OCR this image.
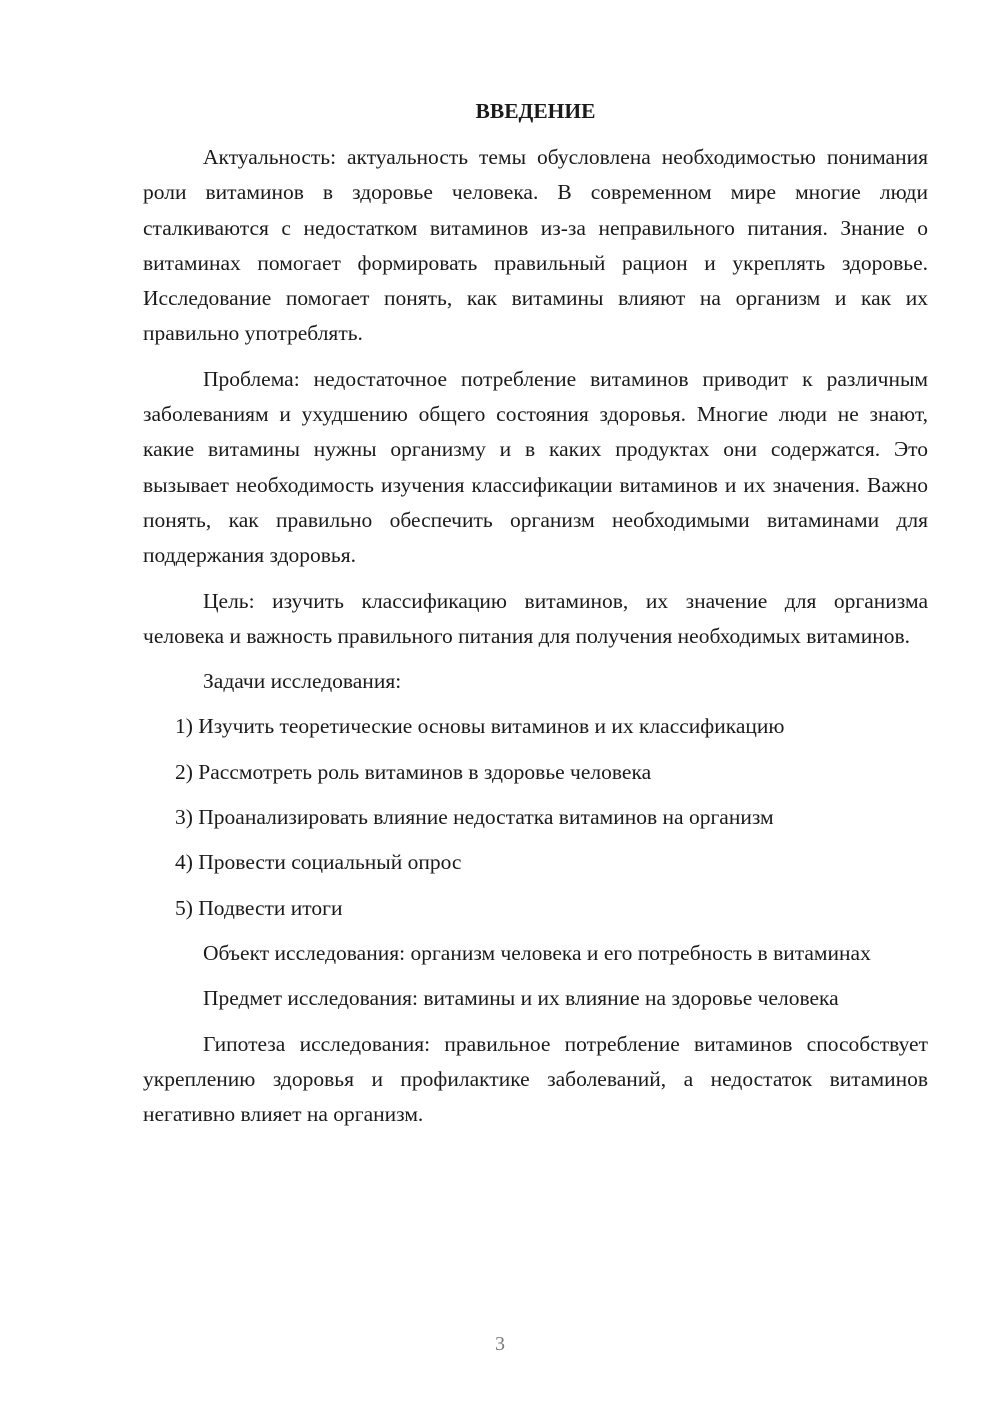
ВВЕДЕНИЕ

Актуальность: актуальность темы обусловлена необходимостью понимания роли витаминов в здоровье человека. В современном мире многие люди сталкиваются с недостатком витаминов из-за неправильного питания. Знание о витаминах помогает формировать правильный рацион и укреплять здоровье. Исследование помогает понять, как витамины влияют на организм и как их правильно употреблять.

Проблема: недостаточное потребление витаминов приводит к различным заболеваниям и ухудшению общего состояния здоровья. Многие люди не знают, какие витамины нужны организму и в каких продуктах они содержатся. Это вызывает необходимость изучения классификации витаминов и их значения. Важно понять, как правильно обеспечить организм необходимыми витаминами для поддержания здоровья.

Цель: изучить классификацию витаминов, их значение для организма человека и важность правильного питания для получения необходимых витаминов.

Задачи исследования:

1) Изучить теоретические основы витаминов и их классификацию
2) Рассмотреть роль витаминов в здоровье человека
3) Проанализировать влияние недостатка витаминов на организм
4) Провести социальный опрос
5) Подвести итоги

Объект исследования: организм человека и его потребность в витаминах

Предмет исследования: витамины и их влияние на здоровье человека

Гипотеза исследования: правильное потребление витаминов способствует укреплению здоровья и профилактике заболеваний, а недостаток витаминов негативно влияет на организм.

3
